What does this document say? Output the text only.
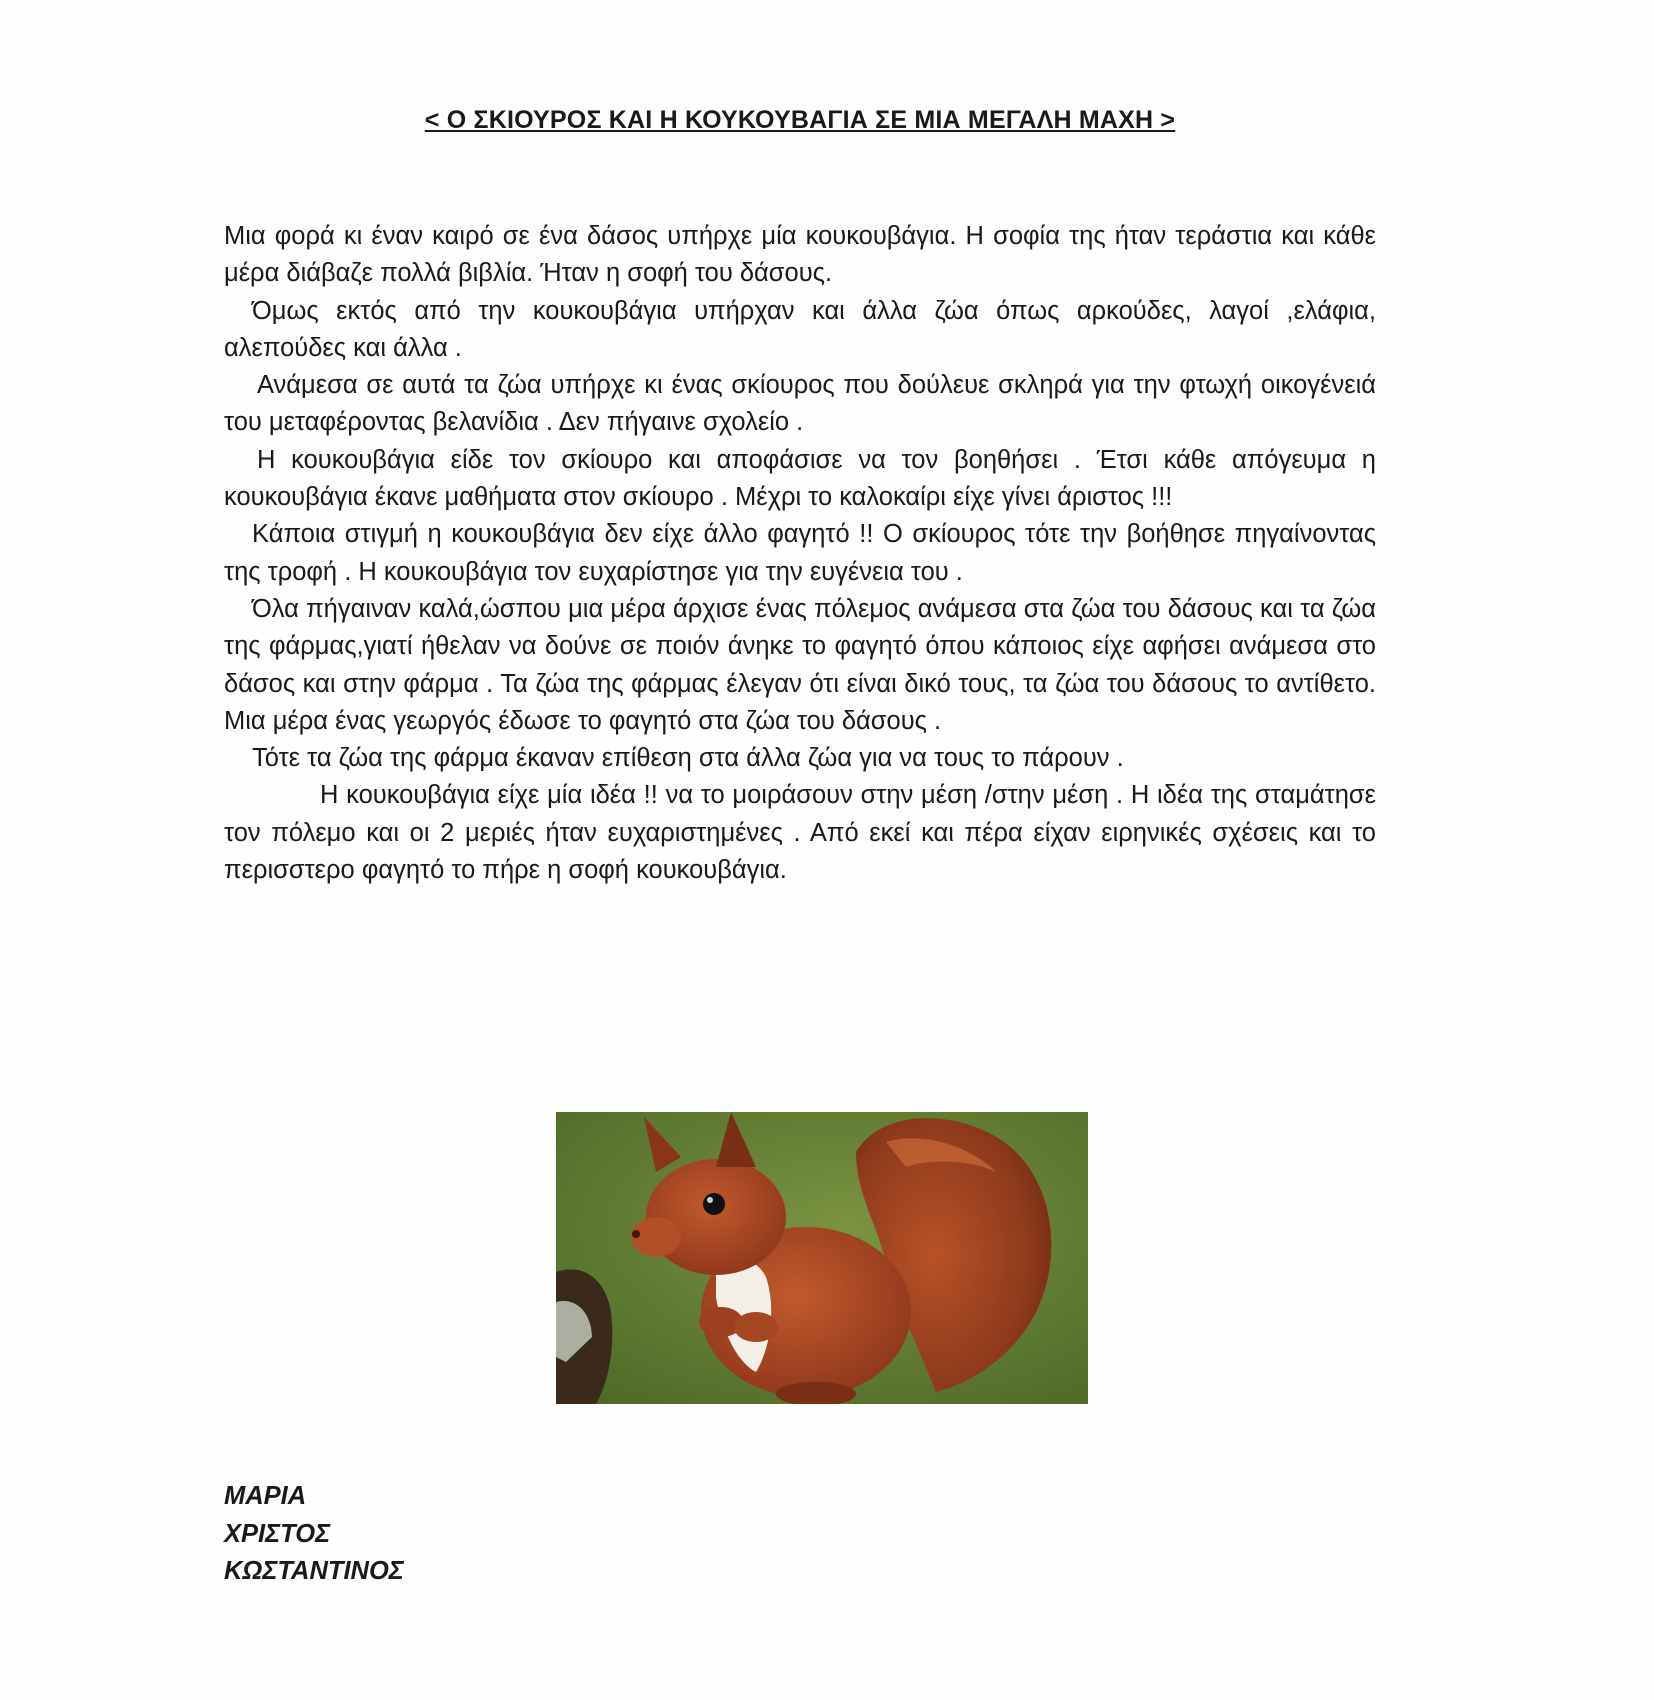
< Ο ΣΚΙΟΥΡΟΣ ΚΑΙ Η ΚΟΥΚΟΥΒΑΓΙΑ ΣΕ ΜΙΑ ΜΕΓΑΛΗ ΜΑΧΗ >

Μια φορά κι έναν καιρό σε ένα δάσος υπήρχε μία κουκουβάγια. Η σοφία της ήταν τεράστια και κάθε μέρα διάβαζε πολλά βιβλία. Ήταν η σοφή του δάσους.

Όμως εκτός από την κουκουβάγια υπήρχαν και άλλα ζώα όπως αρκούδες, λαγοί ,ελάφια, αλεπούδες και άλλα .

Ανάμεσα σε αυτά τα ζώα υπήρχε κι ένας σκίουρος που δούλευε σκληρά για την φτωχή οικογένειά του μεταφέροντας βελανίδια . Δεν πήγαινε σχολείο .

Η κουκουβάγια είδε τον σκίουρο και αποφάσισε να τον βοηθήσει . Έτσι κάθε απόγευμα η κουκουβάγια έκανε μαθήματα στον σκίουρο . Μέχρι το καλοκαίρι είχε γίνει άριστος !!!

Κάποια στιγμή η κουκουβάγια δεν είχε άλλο φαγητό !! Ο σκίουρος τότε την βοήθησε πηγαίνοντας της τροφή . Η κουκουβάγια τον ευχαρίστησε για την ευγένεια του .

Όλα πήγαιναν καλά,ώσπου μια μέρα άρχισε ένας πόλεμος ανάμεσα στα ζώα του δάσους και τα ζώα της φάρμας,γιατί ήθελαν να δούνε σε ποιόν άνηκε το φαγητό όπου κάποιος είχε αφήσει ανάμεσα στο δάσος και στην φάρμα . Τα ζώα της φάρμας έλεγαν ότι είναι δικό τους, τα ζώα του δάσους το αντίθετο. Μια μέρα ένας γεωργός έδωσε το φαγητό στα ζώα του δάσους .

Τότε τα ζώα της φάρμα έκαναν επίθεση στα άλλα ζώα για να τους το πάρουν .

Η κουκουβάγια είχε μία ιδέα !! να το μοιράσουν στην μέση /στην μέση . Η ιδέα της σταμάτησε τον πόλεμο και οι 2 μεριές ήταν ευχαριστημένες . Από εκεί και πέρα είχαν ειρηνικές σχέσεις και το περισστερο φαγητό το πήρε η σοφή κουκουβάγια.

ΜΑΡΙΑ
ΧΡΙΣΤΟΣ
ΚΩΣΤΑΝΤΙΝΟΣ
